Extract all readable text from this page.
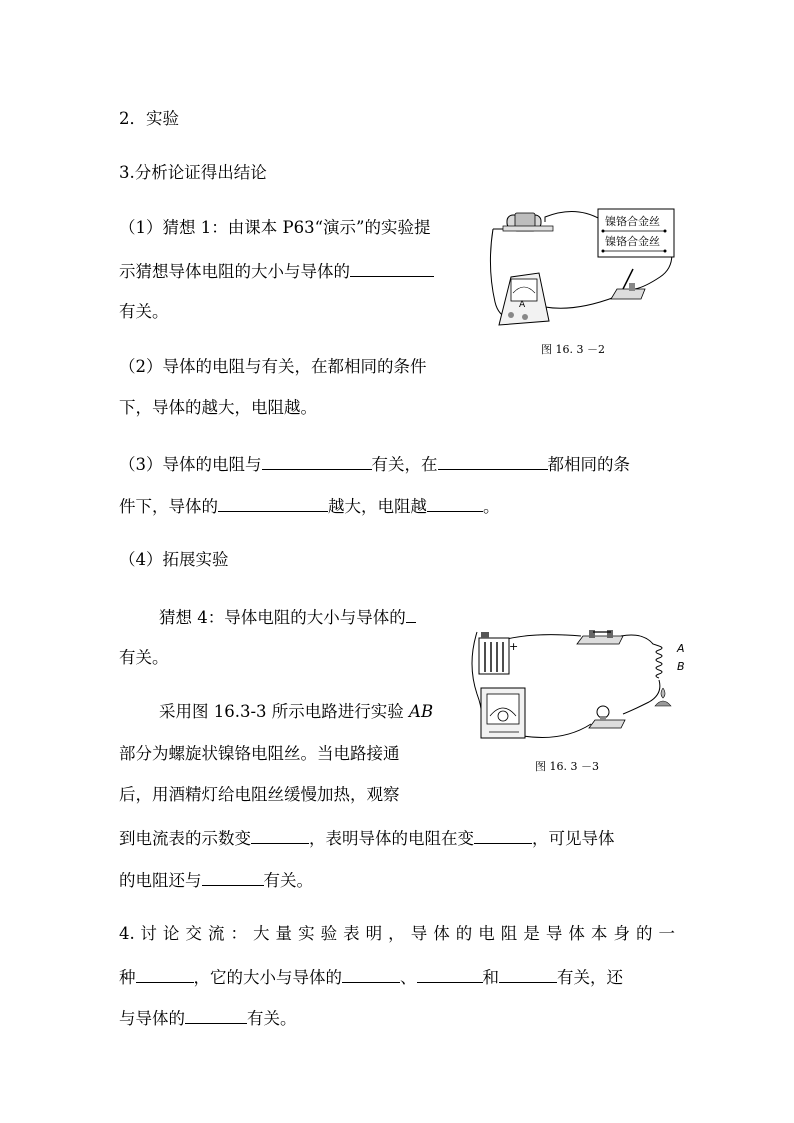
2．实验
3.分析论证得出结论
（1）猜想 1：由课本 P63“演示”的实验提
示猜想导体电阻的大小与导体的
有关。
镍铬合金丝
镍铬合金丝
A
图 16. 3 －2
（2）导体的电阻与有关，在都相同的条件
下，导体的越大，电阻越。
（3）导体的电阻与	有关，在	都相同的条
件下，导体的	越大，电阻越	。
（4）拓展实验
猜想 4：导体电阻的大小与导体的
有关。
采用图 16.3-3 所示电路进行实验 AB
部分为螺旋状镍铬电阻丝。当电路接通
后，用酒精灯给电阻丝缓慢加热，观察
到电流表的示数变	，表明导体的电阻在变	，可见导体
的电阻还与	有关。
+	A
B
图 16. 3 －3
4. 讨 论 交 流 ： 大 量 实 验 表 明 ， 导 体 的 电 阻 是 导 体 本 身 的 一
种	，它的大小与导体的	、	和	有关，还
与导体的	有关。
